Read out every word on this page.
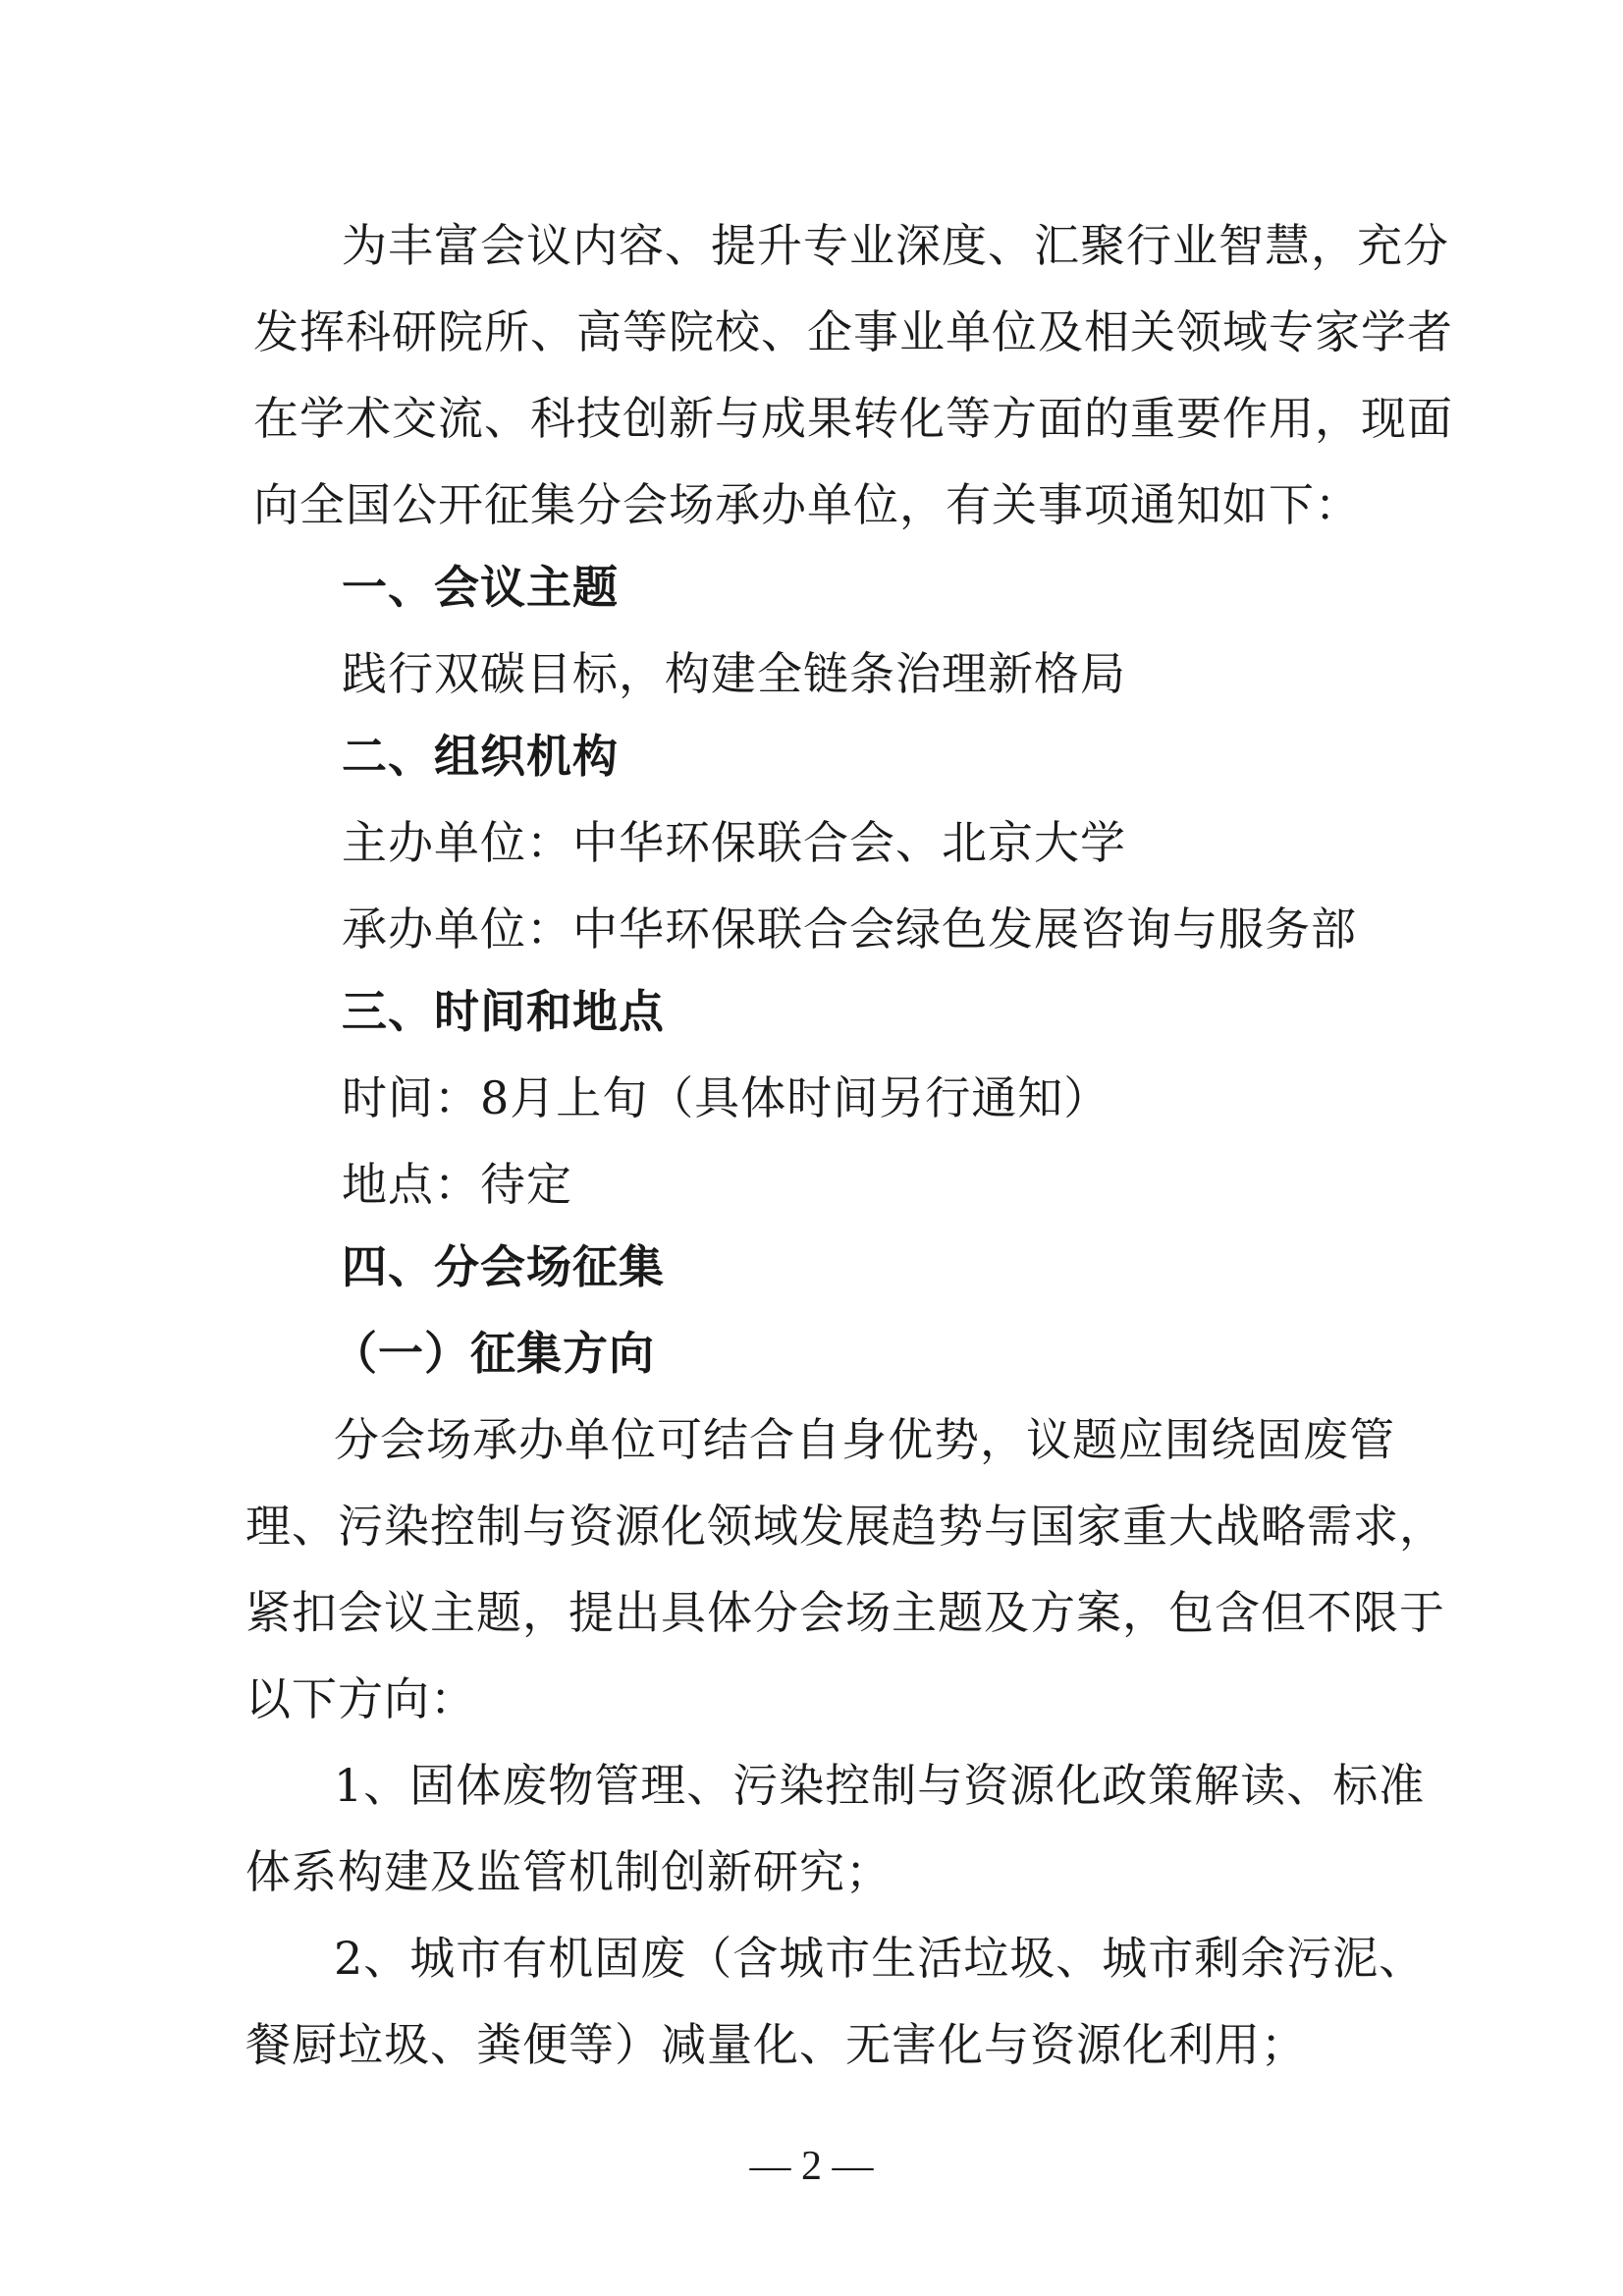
为丰富会议内容、提升专业深度、汇聚行业智慧，充分
发挥科研院所、高等院校、企事业单位及相关领域专家学者
在学术交流、科技创新与成果转化等方面的重要作用，现面
向全国公开征集分会场承办单位，有关事项通知如下：
一、会议主题
践行双碳目标，构建全链条治理新格局
二、组织机构
主办单位：中华环保联合会、北京大学
承办单位：中华环保联合会绿色发展咨询与服务部
三、时间和地点
时间：8月上旬（具体时间另行通知）
地点：待定
四、分会场征集
（一）征集方向
分会场承办单位可结合自身优势，议题应围绕固废管
理、污染控制与资源化领域发展趋势与国家重大战略需求，
紧扣会议主题，提出具体分会场主题及方案，包含但不限于
以下方向：
1、固体废物管理、污染控制与资源化政策解读、标准
体系构建及监管机制创新研究；
2、城市有机固废（含城市生活垃圾、城市剩余污泥、
餐厨垃圾、粪便等）减量化、无害化与资源化利用；
— 2 —
